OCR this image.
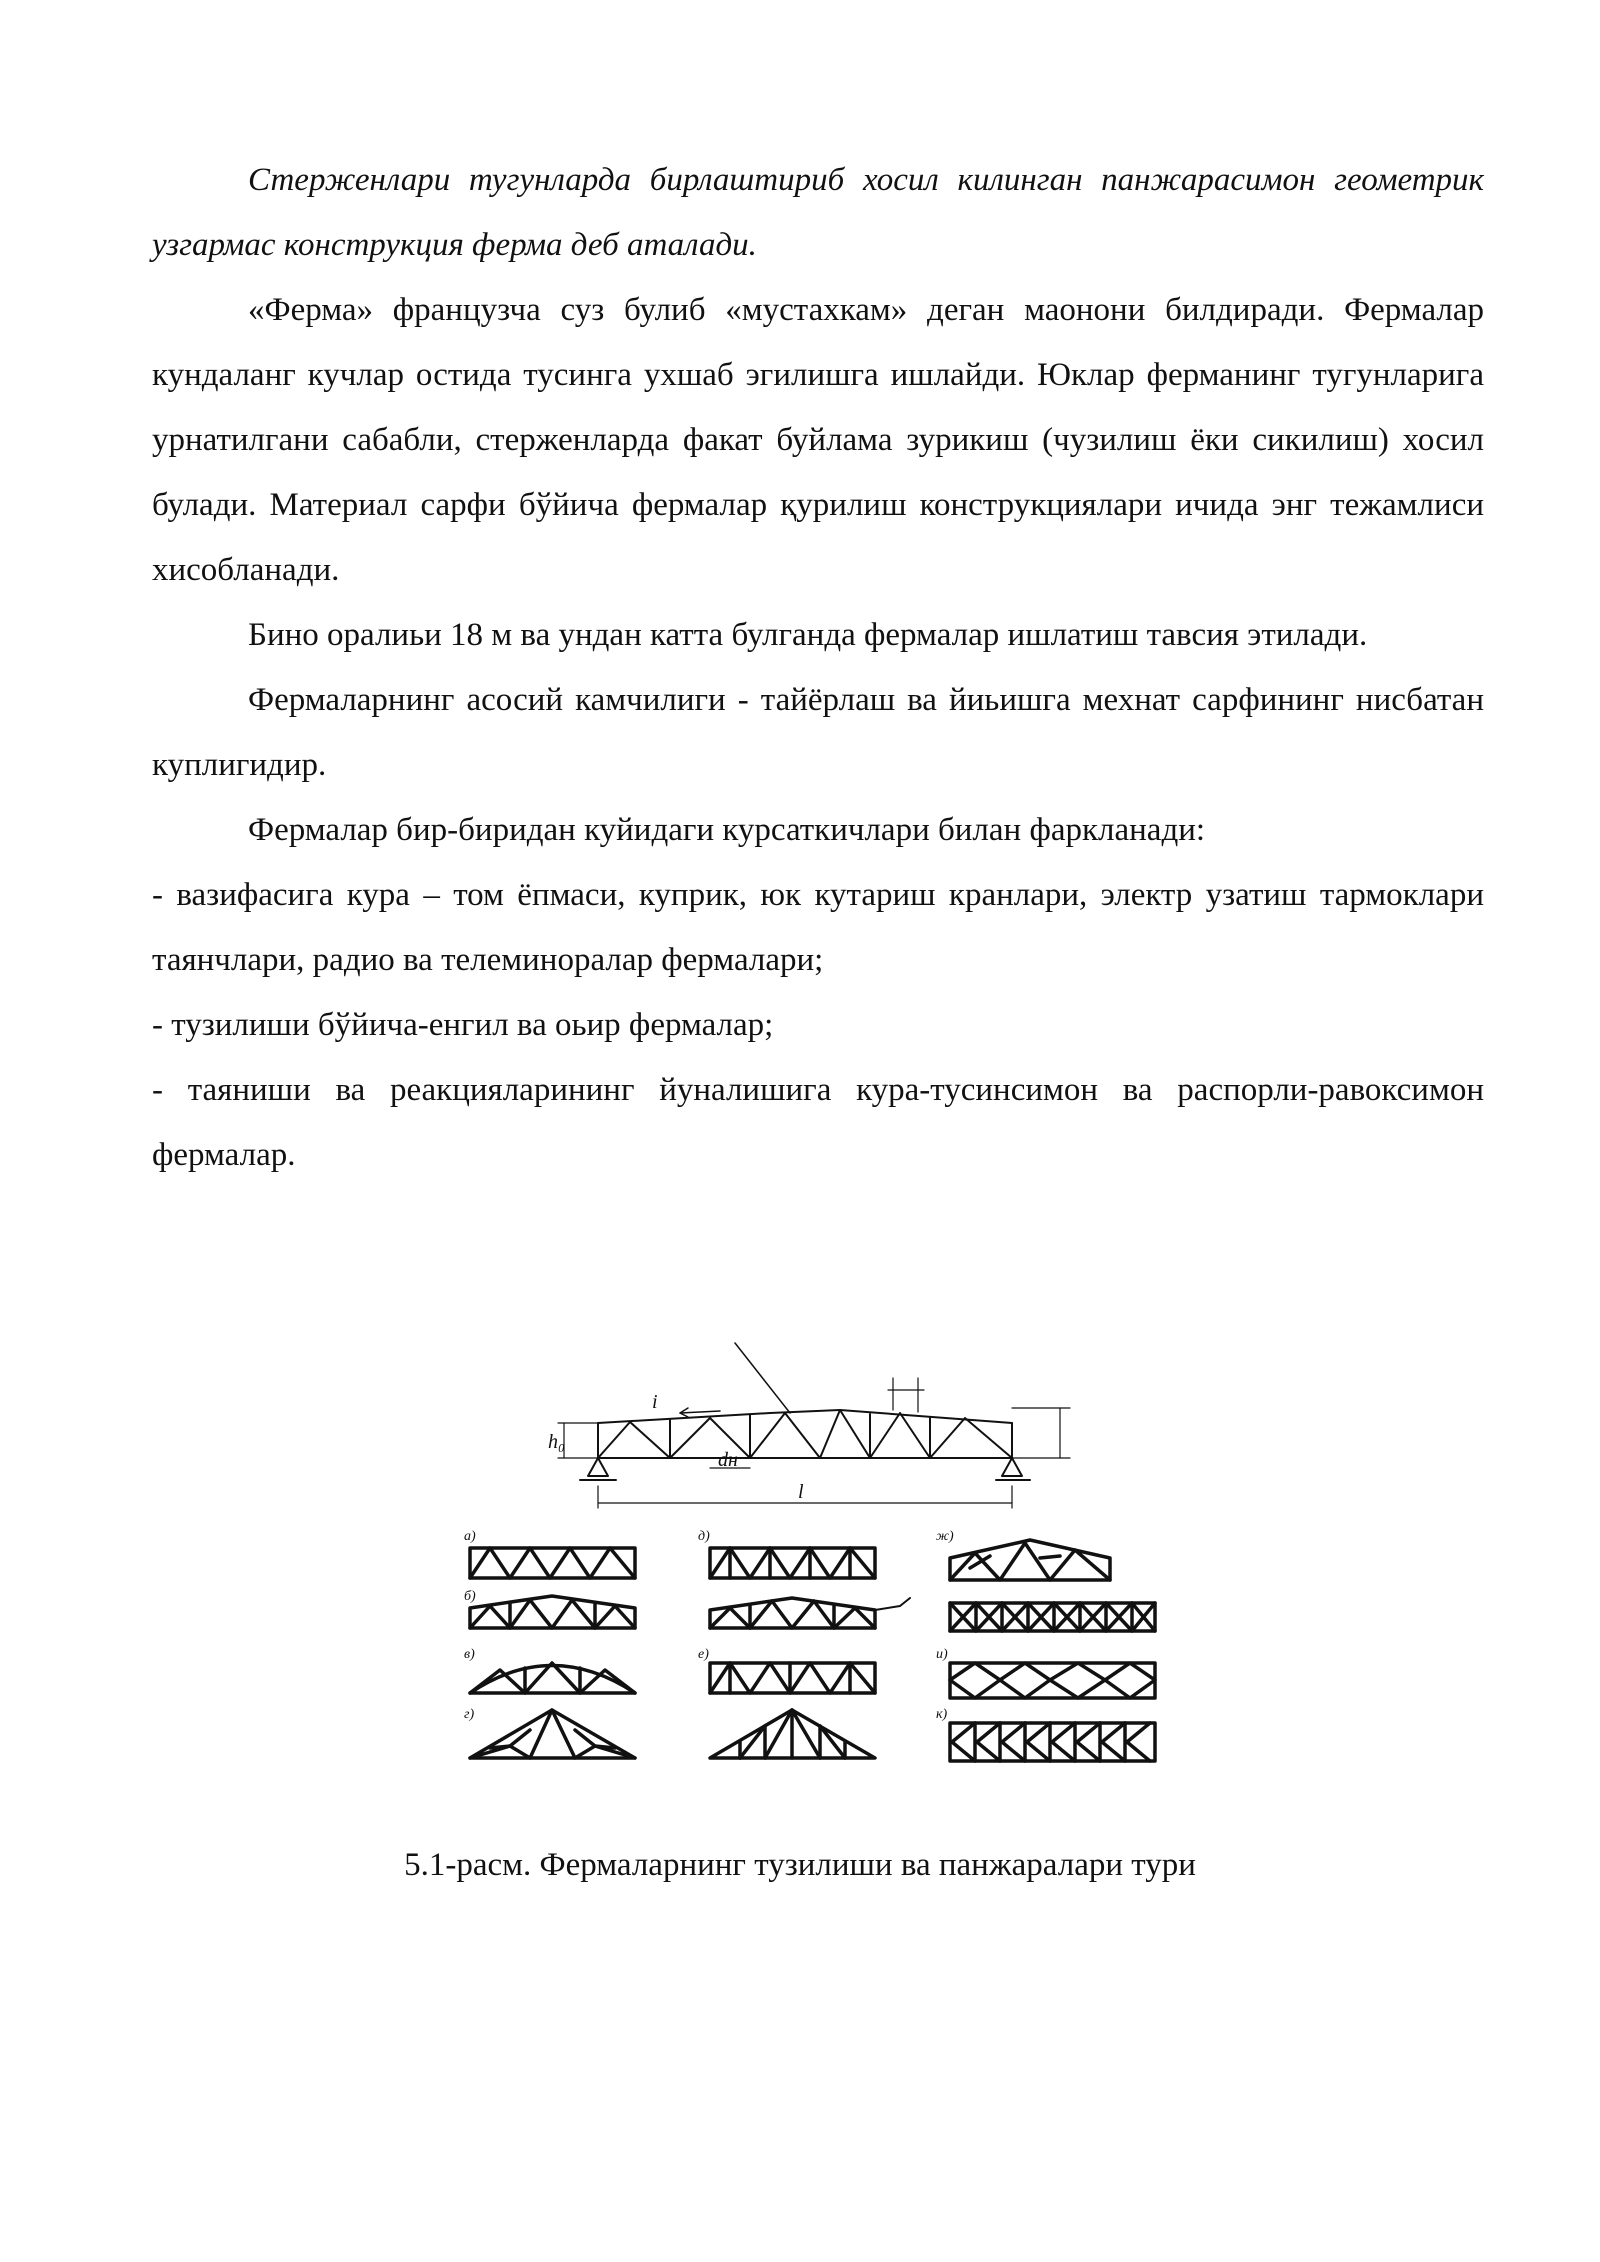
Стерженлари тугунларда бирлаштириб хосил килинган панжарасимон геометрик узгармас конструкция ферма деб аталади.

«Ферма» французча суз булиб «мустахкам» деган маонони билдиради. Фермалар кундаланг кучлар остида тусинга ухшаб эгилишга ишлайди. Юклар ферманинг тугунларига урнатилгани сабабли, стерженларда факат буйлама зурикиш (чузилиш ёки сикилиш) хосил булади. Материал сарфи бўйича фермалар қурилиш конструкциялари ичида энг тежамлиси хисобланади.

Бино оралиьи 18 м ва ундан катта булганда фермалар ишлатиш тавсия этилади.

Фермаларнинг асосий камчилиги - тайёрлаш ва йиьишга мехнат сарфининг нисбатан куплигидир.

Фермалар бир-биридан куйидаги курсаткичлари билан фаркланади:

- вазифасига кура – том ёпмаси, куприк, юк кутариш кранлари, электр узатиш тармоклари таянчлари, радио ва телеминоралар фермалари;

- тузилиши бўйича-енгил ва оьир фермалар;

- таяниши ва реакцияларининг йуналишига кура-тусинсимон ва распорли-равоксимон фермалар.

h₀
i
dн
l
а)
б)
в)
г)
д)
е)
ж)
и)
к)
5.1-расм. Фермаларнинг тузилиши ва панжаралари тури
